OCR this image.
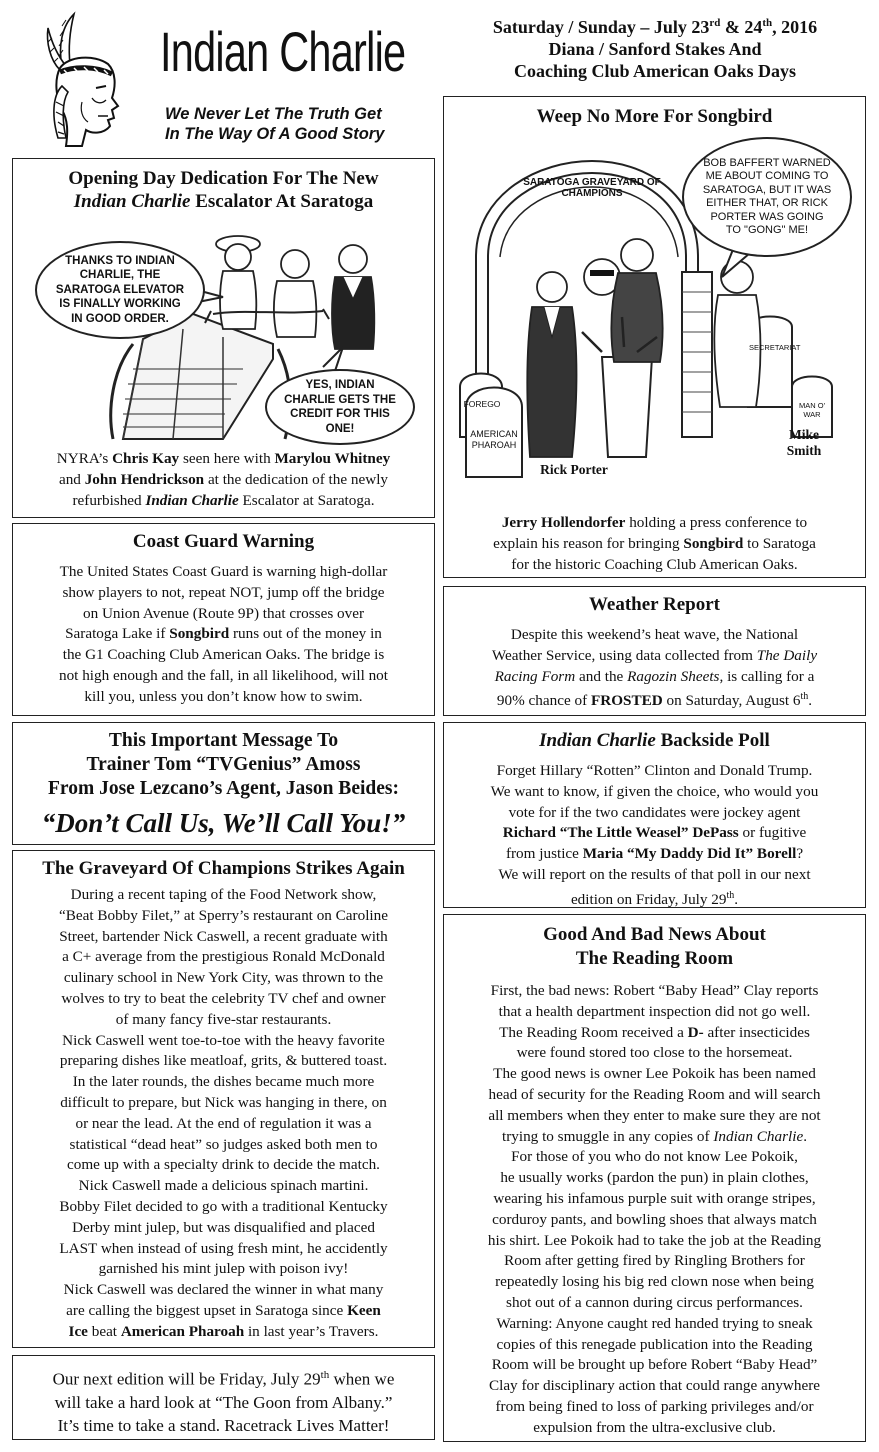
Indian Charlie
We Never Let The Truth Get
In The Way Of A Good Story
Saturday / Sunday – July 23rd & 24th, 2016
Diana / Sanford Stakes And
Coaching Club American Oaks Days
Opening Day Dedication For The New
Indian Charlie Escalator At Saratoga
THANKS TO INDIAN CHARLIE, THE SARATOGA ELEVATOR IS FINALLY WORKING IN GOOD ORDER.
YES, INDIAN CHARLIE GETS THE CREDIT FOR THIS ONE!
NYRA’s Chris Kay seen here with Marylou Whitney
and John Hendrickson at the dedication of the newly
refurbished Indian Charlie Escalator at Saratoga.
Weep No More For Songbird
BOB BAFFERT WARNED ME ABOUT COMING TO SARATOGA, BUT IT WAS EITHER THAT, OR RICK PORTER WAS GOING TO "GONG" ME!
SARATOGA GRAVEYARD OF CHAMPIONS
FOREGO
AMERICAN PHAROAH
SECRETARIAT
MAN O' WAR
Rick Porter
Mike
Smith
Jerry Hollendorfer holding a press conference to
explain his reason for bringing Songbird to Saratoga
for the historic Coaching Club American Oaks.
Coast Guard Warning
The United States Coast Guard is warning high-dollar
show players to not, repeat NOT, jump off the bridge
on Union Avenue (Route 9P) that crosses over
Saratoga Lake if Songbird runs out of the money in
the G1 Coaching Club American Oaks. The bridge is
not high enough and the fall, in all likelihood, will not
kill you, unless you don’t know how to swim.
Weather Report
Despite this weekend’s heat wave, the National
Weather Service, using data collected from The Daily
Racing Form and the Ragozin Sheets, is calling for a
90% chance of FROSTED on Saturday, August 6th.
This Important Message To
Trainer Tom “TVGenius” Amoss
From Jose Lezcano’s Agent, Jason Beides:
“Don’t Call Us, We’ll Call You!”
Indian Charlie Backside Poll
Forget Hillary “Rotten” Clinton and Donald Trump.
We want to know, if given the choice, who would you
vote for if the two candidates were jockey agent
Richard “The Little Weasel” DePass or fugitive
from justice Maria “My Daddy Did It” Borell?
We will report on the results of that poll in our next
edition on Friday, July 29th.
The Graveyard Of Champions Strikes Again
During a recent taping of the Food Network show,
“Beat Bobby Filet,” at Sperry’s restaurant on Caroline
Street, bartender Nick Caswell, a recent graduate with
a C+ average from the prestigious Ronald McDonald
culinary school in New York City, was thrown to the
wolves to try to beat the celebrity TV chef and owner
of many fancy five-star restaurants.
Nick Caswell went toe-to-toe with the heavy favorite
preparing dishes like meatloaf, grits, & buttered toast.
In the later rounds, the dishes became much more
difficult to prepare, but Nick was hanging in there, on
or near the lead. At the end of regulation it was a
statistical “dead heat” so judges asked both men to
come up with a specialty drink to decide the match.
Nick Caswell made a delicious spinach martini.
Bobby Filet decided to go with a traditional Kentucky
Derby mint julep, but was disqualified and placed
LAST when instead of using fresh mint, he accidently
garnished his mint julep with poison ivy!
Nick Caswell was declared the winner in what many
are calling the biggest upset in Saratoga since Keen
Ice beat American Pharoah in last year’s Travers.
Our next edition will be Friday, July 29th when we
will take a hard look at “The Goon from Albany.”
It’s time to take a stand. Racetrack Lives Matter!
Good And Bad News About
The Reading Room
First, the bad news: Robert “Baby Head” Clay reports
that a health department inspection did not go well.
The Reading Room received a D- after insecticides
were found stored too close to the horsemeat.
The good news is owner Lee Pokoik has been named
head of security for the Reading Room and will search
all members when they enter to make sure they are not
trying to smuggle in any copies of Indian Charlie.
For those of you who do not know Lee Pokoik,
he usually works (pardon the pun) in plain clothes,
wearing his infamous purple suit with orange stripes,
corduroy pants, and bowling shoes that always match
his shirt. Lee Pokoik had to take the job at the Reading
Room after getting fired by Ringling Brothers for
repeatedly losing his big red clown nose when being
shot out of a cannon during circus performances.
Warning: Anyone caught red handed trying to sneak
copies of this renegade publication into the Reading
Room will be brought up before Robert “Baby Head”
Clay for disciplinary action that could range anywhere
from being fined to loss of parking privileges and/or
expulsion from the ultra-exclusive club.
